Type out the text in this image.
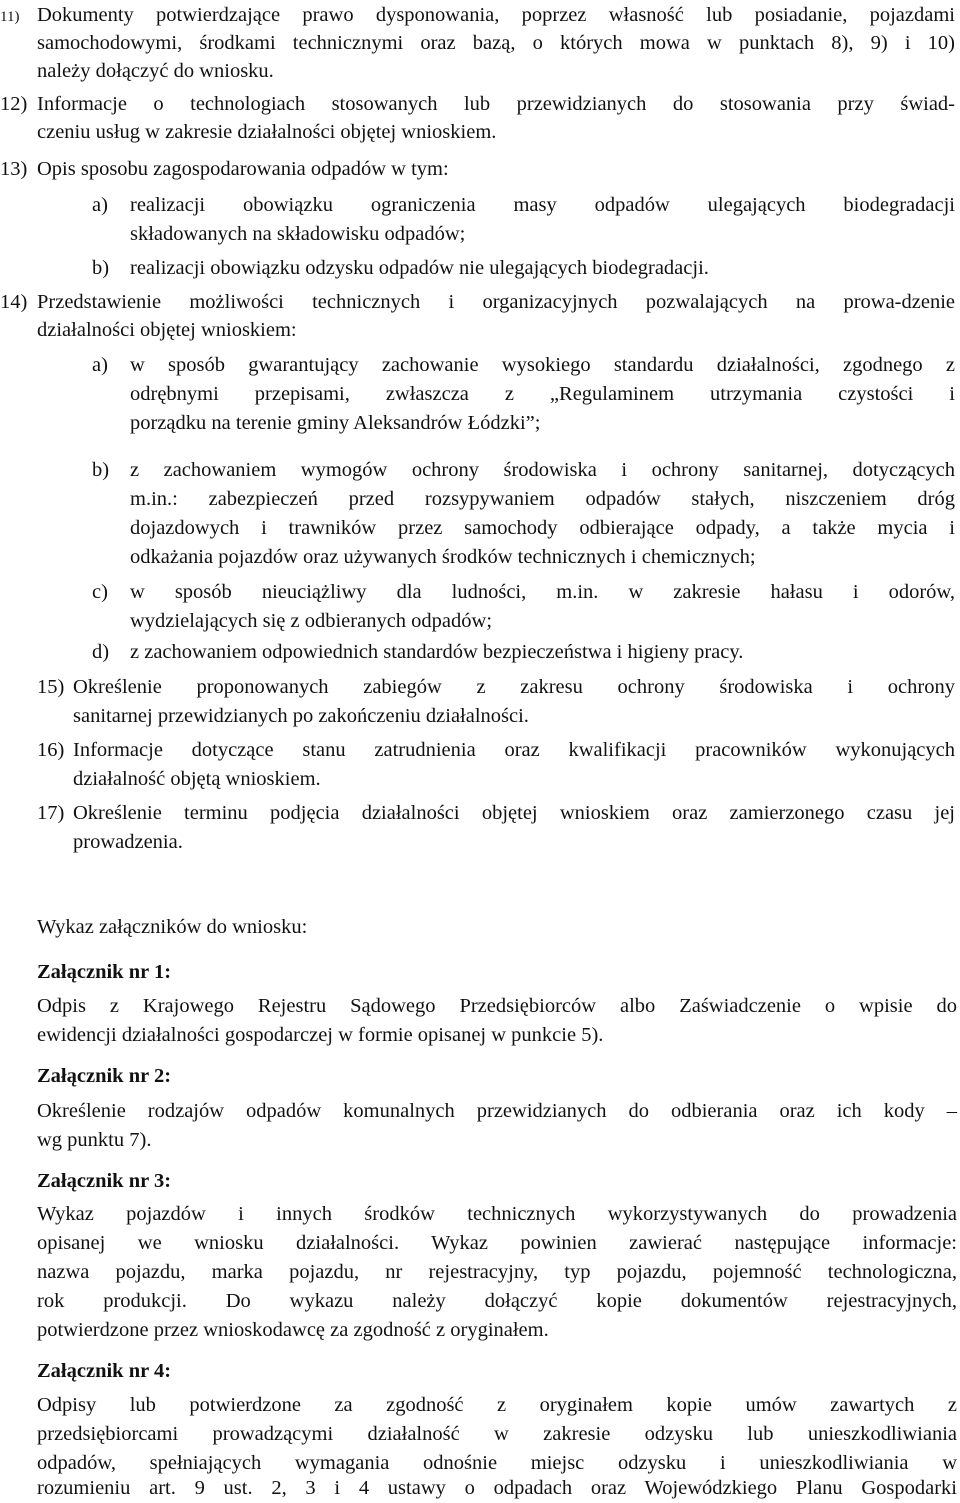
11) Dokumenty potwierdzające prawo dysponowania, poprzez własność lub posiadanie, pojazdami
samochodowymi, środkami technicznymi oraz bazą, o których mowa w punktach 8), 9) i 10)
należy dołączyć do wniosku.
12) Informacje o technologiach stosowanych lub przewidzianych do stosowania przy świad-
czeniu usług w zakresie działalności objętej wnioskiem.
13) Opis sposobu zagospodarowania odpadów w tym:
a) realizacji obowiązku ograniczenia masy odpadów ulegających biodegradacji
składowanych na składowisku odpadów;
b) realizacji obowiązku odzysku odpadów nie ulegających biodegradacji.
14) Przedstawienie możliwości technicznych i organizacyjnych pozwalających na prowa-dzenie
działalności objętej wnioskiem:
a) w sposób gwarantujący zachowanie wysokiego standardu działalności, zgodnego z
odrębnymi przepisami, zwłaszcza z „Regulaminem utrzymania czystości i
porządku na terenie gminy Aleksandrów Łódzki”;
b) z zachowaniem wymogów ochrony środowiska i ochrony sanitarnej, dotyczących
m.in.: zabezpieczeń przed rozsypywaniem odpadów stałych, niszczeniem dróg
dojazdowych i trawników przez samochody odbierające odpady, a także mycia i
odkażania pojazdów oraz używanych środków technicznych i chemicznych;
c) w sposób nieuciążliwy dla ludności, m.in. w zakresie hałasu i odorów,
wydzielających się z odbieranych odpadów;
d) z zachowaniem odpowiednich standardów bezpieczeństwa i higieny pracy.
15) Określenie proponowanych zabiegów z zakresu ochrony środowiska i ochrony
sanitarnej przewidzianych po zakończeniu działalności.
16) Informacje dotyczące stanu zatrudnienia oraz kwalifikacji pracowników wykonujących
działalność objętą wnioskiem.
17) Określenie terminu podjęcia działalności objętej wnioskiem oraz zamierzonego czasu jej
prowadzenia.
Wykaz załączników do wniosku:
Załącznik nr 1:
Odpis z Krajowego Rejestru Sądowego Przedsiębiorców albo Zaświadczenie o wpisie do
ewidencji działalności gospodarczej w formie opisanej w punkcie 5).
Załącznik nr 2:
Określenie rodzajów odpadów komunalnych przewidzianych do odbierania oraz ich kody –
wg punktu 7).
Załącznik nr 3:
Wykaz pojazdów i innych środków technicznych wykorzystywanych do prowadzenia
opisanej we wniosku działalności. Wykaz powinien zawierać następujące informacje:
nazwa pojazdu, marka pojazdu, nr rejestracyjny, typ pojazdu, pojemność technologiczna,
rok produkcji. Do wykazu należy dołączyć kopie dokumentów rejestracyjnych,
potwierdzone przez wnioskodawcę za zgodność z oryginałem.
Załącznik nr 4:
Odpisy lub potwierdzone za zgodność z oryginałem kopie umów zawartych z
przedsiębiorcami prowadzącymi działalność w zakresie odzysku lub unieszkodliwiania
odpadów, spełniających wymagania odnośnie miejsc odzysku i unieszkodliwiania w
rozumieniu art. 9 ust. 2, 3 i 4 ustawy o odpadach oraz Wojewódzkiego Planu Gospodarki
